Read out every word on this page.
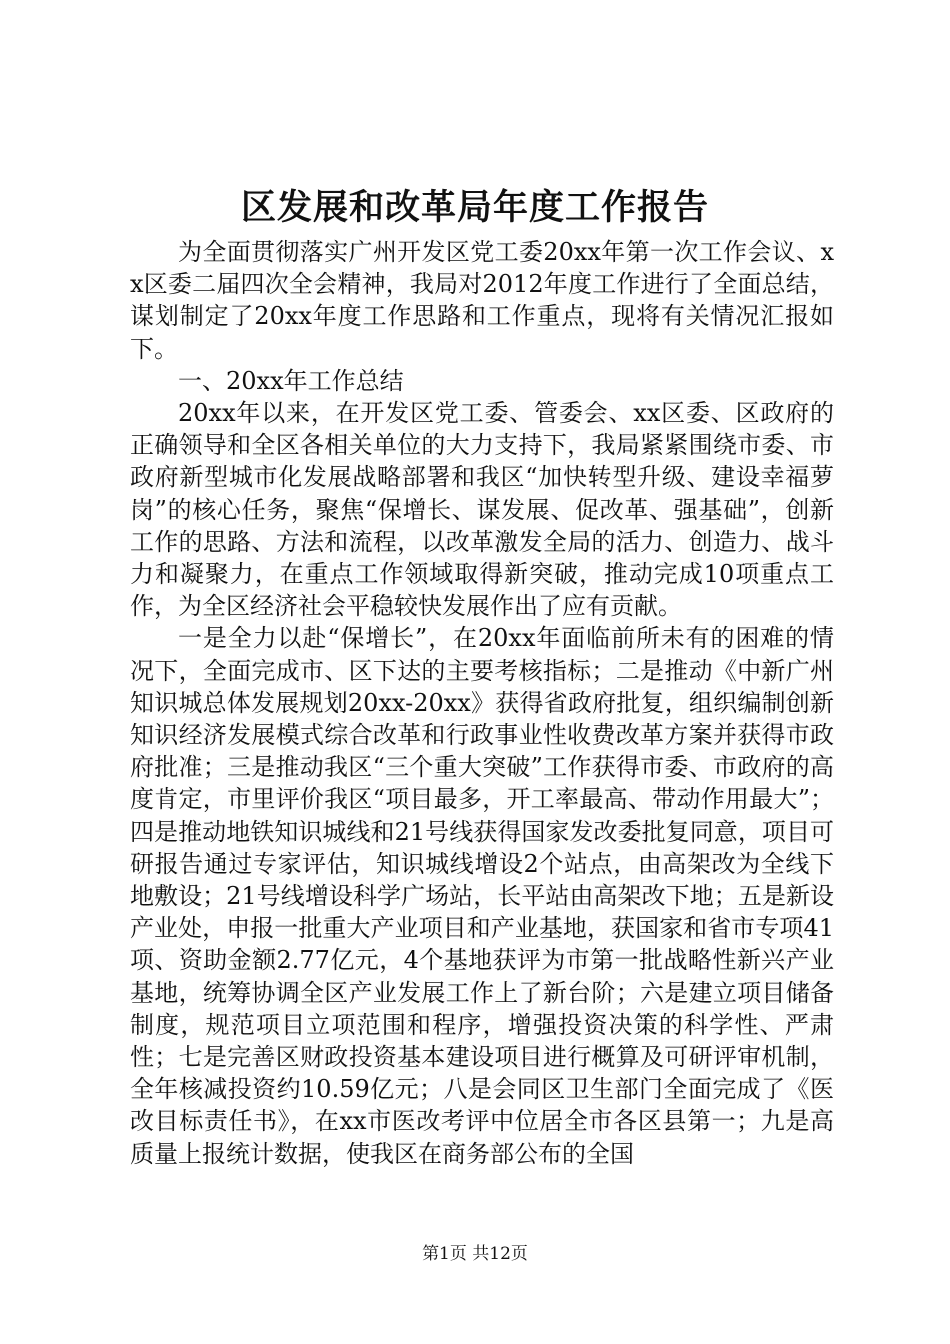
区发展和改革局年度工作报告

为全面贯彻落实广州开发区党工委20xx年第一次工作会议、xx区委二届四次全会精神，我局对2012年度工作进行了全面总结，谋划制定了20xx年度工作思路和工作重点，现将有关情况汇报如下。

一、20xx年工作总结

20xx年以来，在开发区党工委、管委会、xx区委、区政府的正确领导和全区各相关单位的大力支持下，我局紧紧围绕市委、市政府新型城市化发展战略部署和我区“加快转型升级、建设幸福萝岗”的核心任务，聚焦“保增长、谋发展、促改革、强基础”，创新工作的思路、方法和流程，以改革激发全局的活力、创造力、战斗力和凝聚力，在重点工作领域取得新突破，推动完成10项重点工作，为全区经济社会平稳较快发展作出了应有贡献。

一是全力以赴“保增长”，在20xx年面临前所未有的困难的情况下，全面完成市、区下达的主要考核指标；二是推动《中新广州知识城总体发展规划20xx-20xx》获得省政府批复，组织编制创新知识经济发展模式综合改革和行政事业性收费改革方案并获得市政府批准；三是推动我区“三个重大突破”工作获得市委、市政府的高度肯定，市里评价我区“项目最多，开工率最高、带动作用最大”；四是推动地铁知识城线和21号线获得国家发改委批复同意，项目可研报告通过专家评估，知识城线增设2个站点，由高架改为全线下地敷设；21号线增设科学广场站，长平站由高架改下地；五是新设产业处，申报一批重大产业项目和产业基地，获国家和省市专项41项、资助金额2.77亿元，4个基地获评为市第一批战略性新兴产业基地，统筹协调全区产业发展工作上了新台阶；六是建立项目储备制度，规范项目立项范围和程序，增强投资决策的科学性、严肃性；七是完善区财政投资基本建设项目进行概算及可研评审机制，全年核减投资约10.59亿元；八是会同区卫生部门全面完成了《医改目标责任书》，在xx市医改考评中位居全市各区县第一；九是高质量上报统计数据，使我区在商务部公布的全国

第1页 共12页
